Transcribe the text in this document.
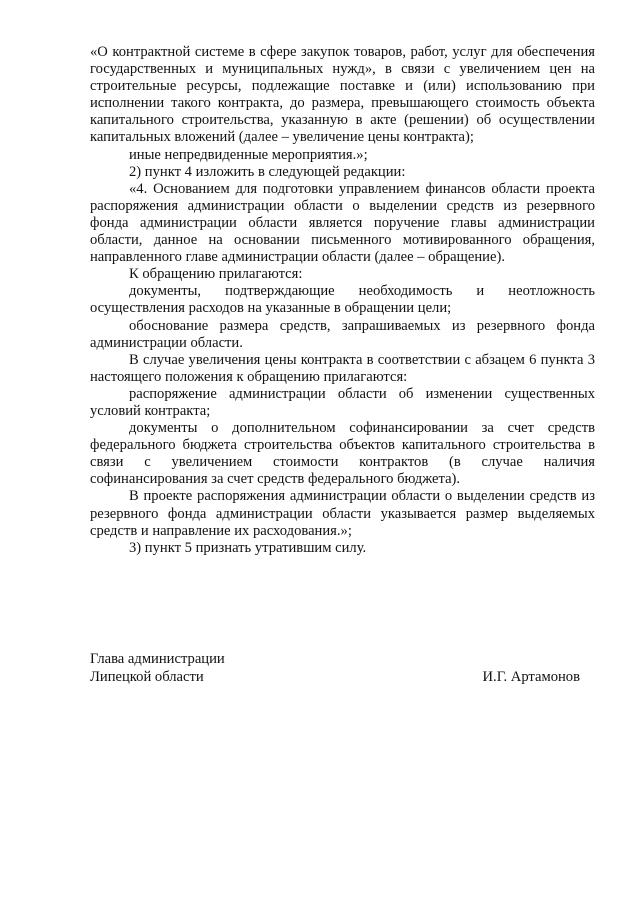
«О контрактной системе в сфере закупок товаров, работ, услуг для обеспечения государственных и муниципальных нужд», в связи с увеличением цен на строительные ресурсы, подлежащие поставке и (или) использованию при исполнении такого контракта, до размера, превышающего стоимость объекта капитального строительства, указанную в акте (решении) об осуществлении капитальных вложений (далее – увеличение цены контракта);

иные непредвиденные мероприятия.»;

2) пункт 4 изложить в следующей редакции:

«4. Основанием для подготовки управлением финансов области проекта распоряжения администрации области о выделении средств из резервного фонда администрации области является поручение главы администрации области, данное на основании письменного мотивированного обращения, направленного главе администрации области (далее – обращение).

К обращению прилагаются:

документы, подтверждающие необходимость и неотложность осуществления расходов на указанные в обращении цели;

обоснование размера средств, запрашиваемых из резервного фонда администрации области.

В случае увеличения цены контракта в соответствии с абзацем 6 пункта 3 настоящего положения к обращению прилагаются:

распоряжение администрации области об изменении существенных условий контракта;

документы о дополнительном софинансировании за счет средств федерального бюджета строительства объектов капитального строительства в связи с увеличением стоимости контрактов (в случае наличия софинансирования за счет средств федерального бюджета).

В проекте распоряжения администрации области о выделении средств из резервного фонда администрации области указывается размер выделяемых средств и направление их расходования.»;

3) пункт 5 признать утратившим силу.

Глава администрации

Липецкой области	И.Г. Артамонов
